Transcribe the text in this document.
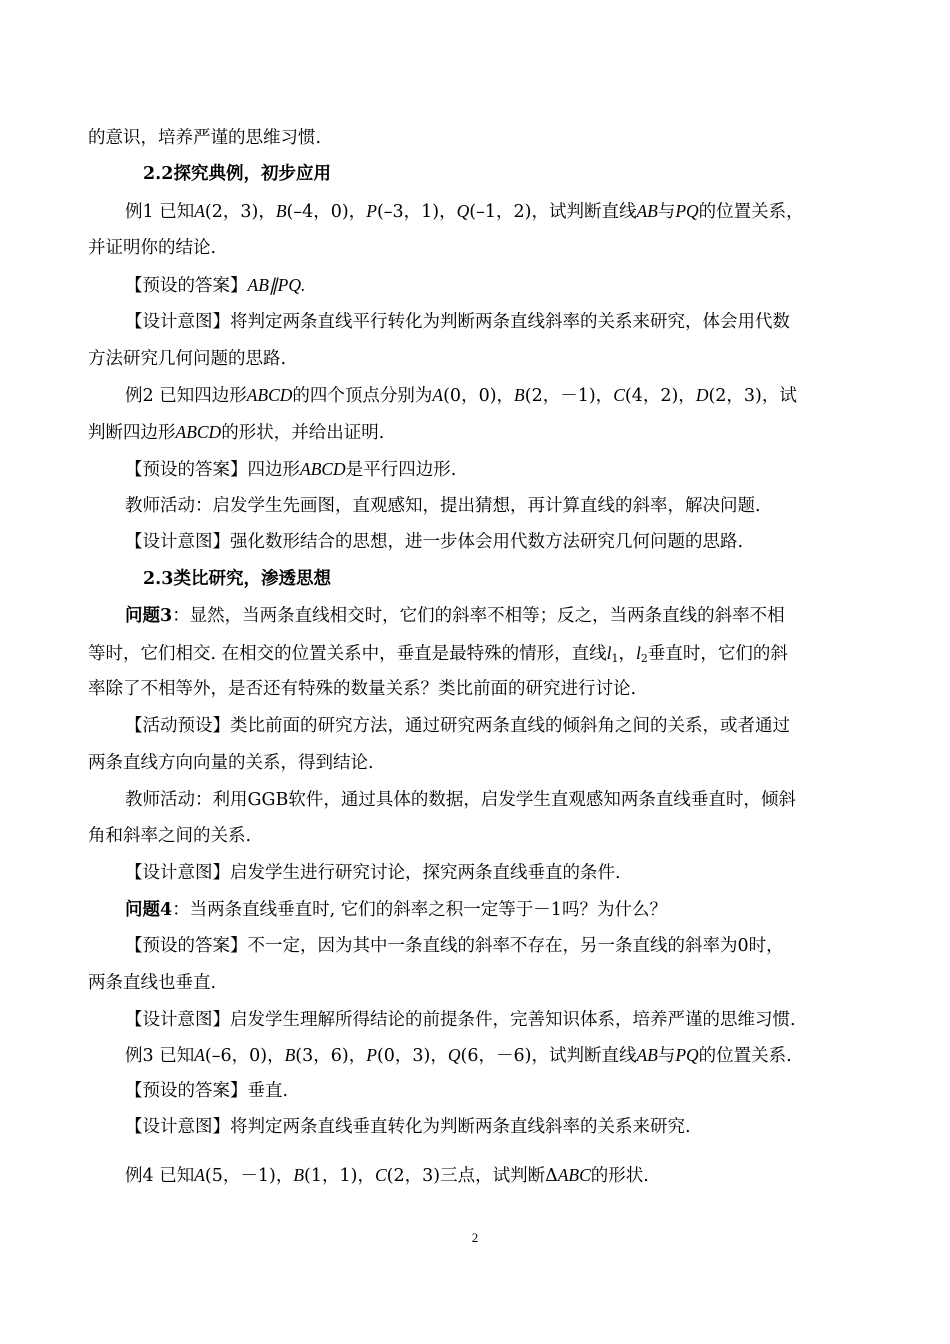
的意识，培养严谨的思维习惯.
2.2探究典例，初步应用
例1 已知A(2，3)，B(–4，0)，P(–3，1)，Q(–1，2)，试判断直线AB与PQ的位置关系，
并证明你的结论.
【预设的答案】AB∥PQ.
【设计意图】将判定两条直线平行转化为判断两条直线斜率的关系来研究，体会用代数
方法研究几何问题的思路.
例2 已知四边形ABCD的四个顶点分别为A(0，0)，B(2，－1)，C(4，2)，D(2，3)，试
判断四边形ABCD的形状，并给出证明.
【预设的答案】四边形ABCD是平行四边形.
教师活动：启发学生先画图，直观感知，提出猜想，再计算直线的斜率，解决问题.
【设计意图】强化数形结合的思想，进一步体会用代数方法研究几何问题的思路.
2.3类比研究，渗透思想
问题3：显然，当两条直线相交时，它们的斜率不相等；反之，当两条直线的斜率不相
等时，它们相交. 在相交的位置关系中，垂直是最特殊的情形，直线$l_1$，$l_2$垂直时，它们的斜
率除了不相等外，是否还有特殊的数量关系？类比前面的研究进行讨论.
【活动预设】类比前面的研究方法，通过研究两条直线的倾斜角之间的关系，或者通过
两条直线方向向量的关系，得到结论.
教师活动：利用GGB软件，通过具体的数据，启发学生直观感知两条直线垂直时，倾斜
角和斜率之间的关系.
【设计意图】启发学生进行研究讨论，探究两条直线垂直的条件.
问题4：当两条直线垂直时, 它们的斜率之积一定等于－1吗？为什么？
【预设的答案】不一定，因为其中一条直线的斜率不存在，另一条直线的斜率为0时，
两条直线也垂直.
【设计意图】启发学生理解所得结论的前提条件，完善知识体系，培养严谨的思维习惯.
例3 已知A(–6，0)，B(3，6)，P(0，3)，Q(6，－6)，试判断直线AB与PQ的位置关系.
【预设的答案】垂直.
【设计意图】将判定两条直线垂直转化为判断两条直线斜率的关系来研究.
例4 已知A(5，－1)，B(1，1)，C(2，3)三点，试判断ΔABC的形状.
2
